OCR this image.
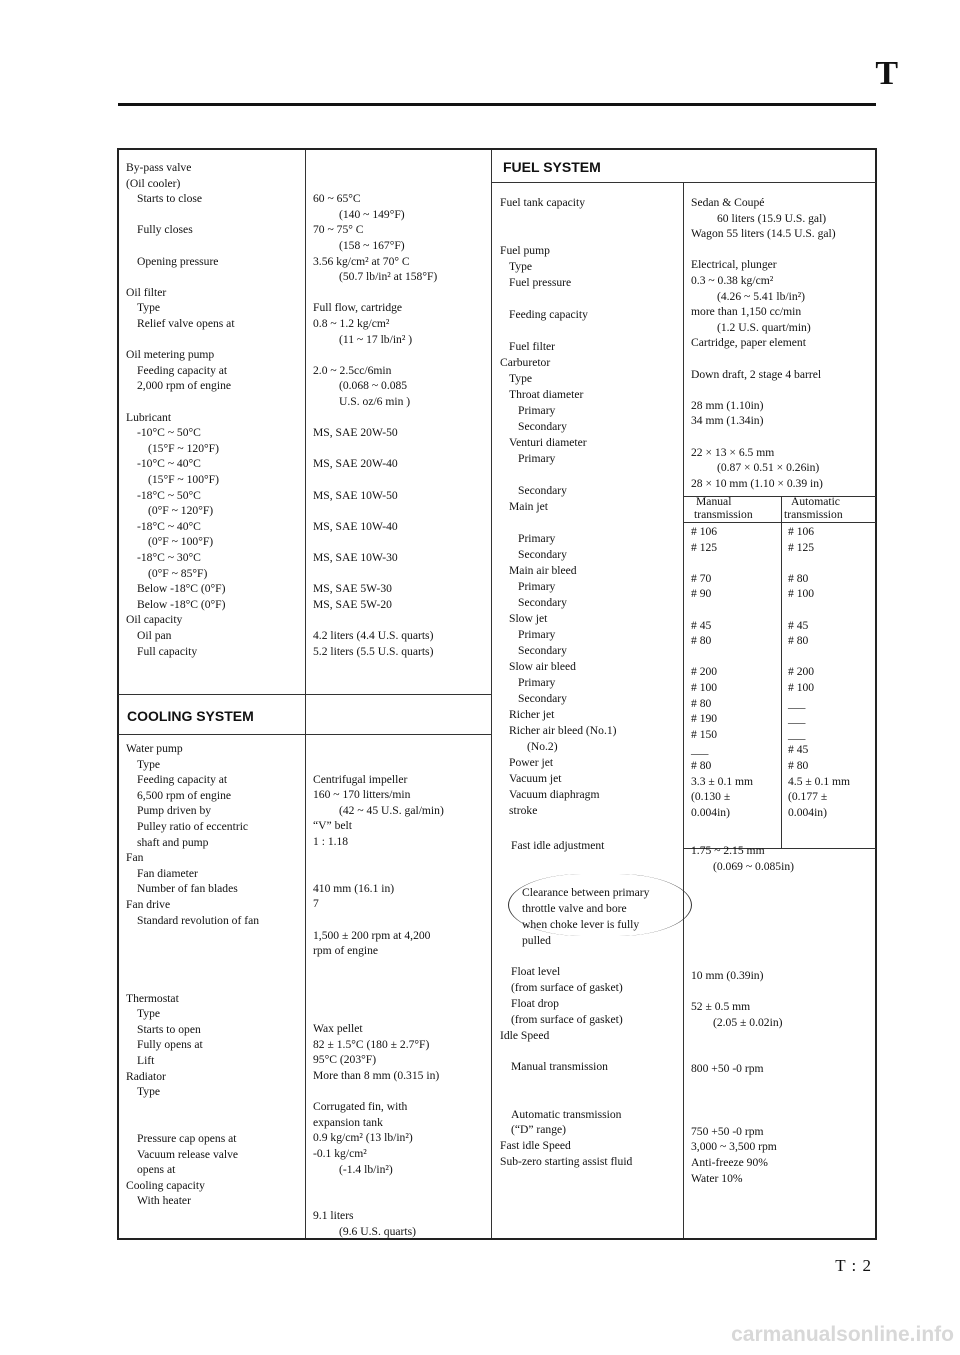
T
COOLING SYSTEM
FUEL SYSTEM
By-pass valve
(Oil cooler)
Starts to close
Fully closes
Opening pressure
Oil filter
Type
Relief valve opens at
Oil metering pump
Feeding capacity at
2,000 rpm of engine
Lubricant
-10°C ~ 50°C
(15°F ~ 120°F)
-10°C ~ 40°C
(15°F ~ 100°F)
-18°C ~ 50°C
(0°F ~ 120°F)
-18°C ~ 40°C
(0°F ~ 100°F)
-18°C ~ 30°C
(0°F ~ 85°F)
Below -18°C (0°F)
Below -18°C (0°F)
Oil capacity
Oil pan
Full capacity
60 ~ 65°C
(140 ~ 149°F)
70 ~ 75° C
(158 ~ 167°F)
3.56 kg/cm² at 70° C
(50.7 lb/in² at 158°F)
Full flow, cartridge
0.8 ~ 1.2 kg/cm²
(11 ~ 17 lb/in² )
2.0 ~ 2.5cc/6min
(0.068 ~ 0.085
U.S. oz/6 min )
MS, SAE 20W-50
MS, SAE 20W-40
MS, SAE 10W-50
MS, SAE 10W-40
MS, SAE 10W-30
MS, SAE 5W-30
MS, SAE 5W-20
4.2 liters (4.4 U.S. quarts)
5.2 liters (5.5 U.S. quarts)
Water pump
Type
Feeding capacity at
6,500 rpm of engine
Pump driven by
Pulley ratio of eccentric
shaft and pump
Fan
Fan diameter
Number of fan blades
Fan drive
Standard revolution of fan
Thermostat
Type
Starts to open
Fully opens at
Lift
Radiator
Type
Pressure cap opens at
Vacuum release valve
opens at
Cooling capacity
With heater
Centrifugal impeller
160 ~ 170 litters/min
(42 ~ 45 U.S. gal/min)
“V” belt
1 : 1.18
410 mm (16.1 in)
7
1,500 ± 200 rpm at 4,200
rpm of engine
Wax pellet
82 ± 1.5°C (180 ± 2.7°F)
95°C (203°F)
More than 8 mm (0.315 in)
Corrugated fin, with
expansion tank
0.9 kg/cm² (13 lb/in²)
-0.1 kg/cm²
(-1.4 lb/in²)
9.1 liters
(9.6 U.S. quarts)
Fuel tank capacity
Fuel pump
Type
Fuel pressure
Feeding capacity
Fuel filter
Carburetor
Type
Throat diameter
Primary
Secondary
Venturi diameter
Primary
Secondary
Main jet
Primary
Secondary
Main air bleed
Primary
Secondary
Slow jet
Primary
Secondary
Slow air bleed
Primary
Secondary
Richer jet
Richer air bleed (No.1)
(No.2)
Power jet
Vacuum jet
Vacuum diaphragm
stroke
Sedan & Coupé
60 liters (15.9 U.S. gal)
Wagon 55 liters (14.5 U.S. gal)
Electrical, plunger
0.3 ~ 0.38 kg/cm²
(4.26 ~ 5.41 lb/in²)
more than 1,150 cc/min
(1.2 U.S. quart/min)
Cartridge, paper element
Down draft, 2 stage 4 barrel
28 mm (1.10in)
34 mm (1.34in)
22 × 13 × 6.5 mm
(0.87 × 0.51 × 0.26in)
28 × 10 mm (1.10 × 0.39 in)
Manual
transmission
Automatic
transmission
# 106
# 125
# 70
# 90
# 45
# 80
# 200
# 100
# 80
# 190
# 150
___
# 80
3.3 ± 0.1 mm
(0.130 ±
0.004in)
# 106
# 125
# 80
# 100
# 45
# 80
# 200
# 100
___
___
___
# 45
# 80
4.5 ± 0.1 mm
(0.177 ±
0.004in)
Fast idle adjustment
Clearance between primary
throttle valve and bore
when choke lever is fully
pulled
Float level
(from surface of gasket)
Float drop
(from surface of gasket)
Idle Speed
Manual transmission
Automatic transmission
(“D” range)
Fast idle Speed
Sub-zero starting assist fluid
1.75 ~ 2.15 mm
(0.069 ~ 0.085in)
10 mm (0.39in)
52 ± 0.5 mm
(2.05 ± 0.02in)
800 +50 -0 rpm
750 +50 -0 rpm
3,000 ~ 3,500 rpm
Anti-freeze 90%
Water 10%
T : 2
carmanualsonline.info
